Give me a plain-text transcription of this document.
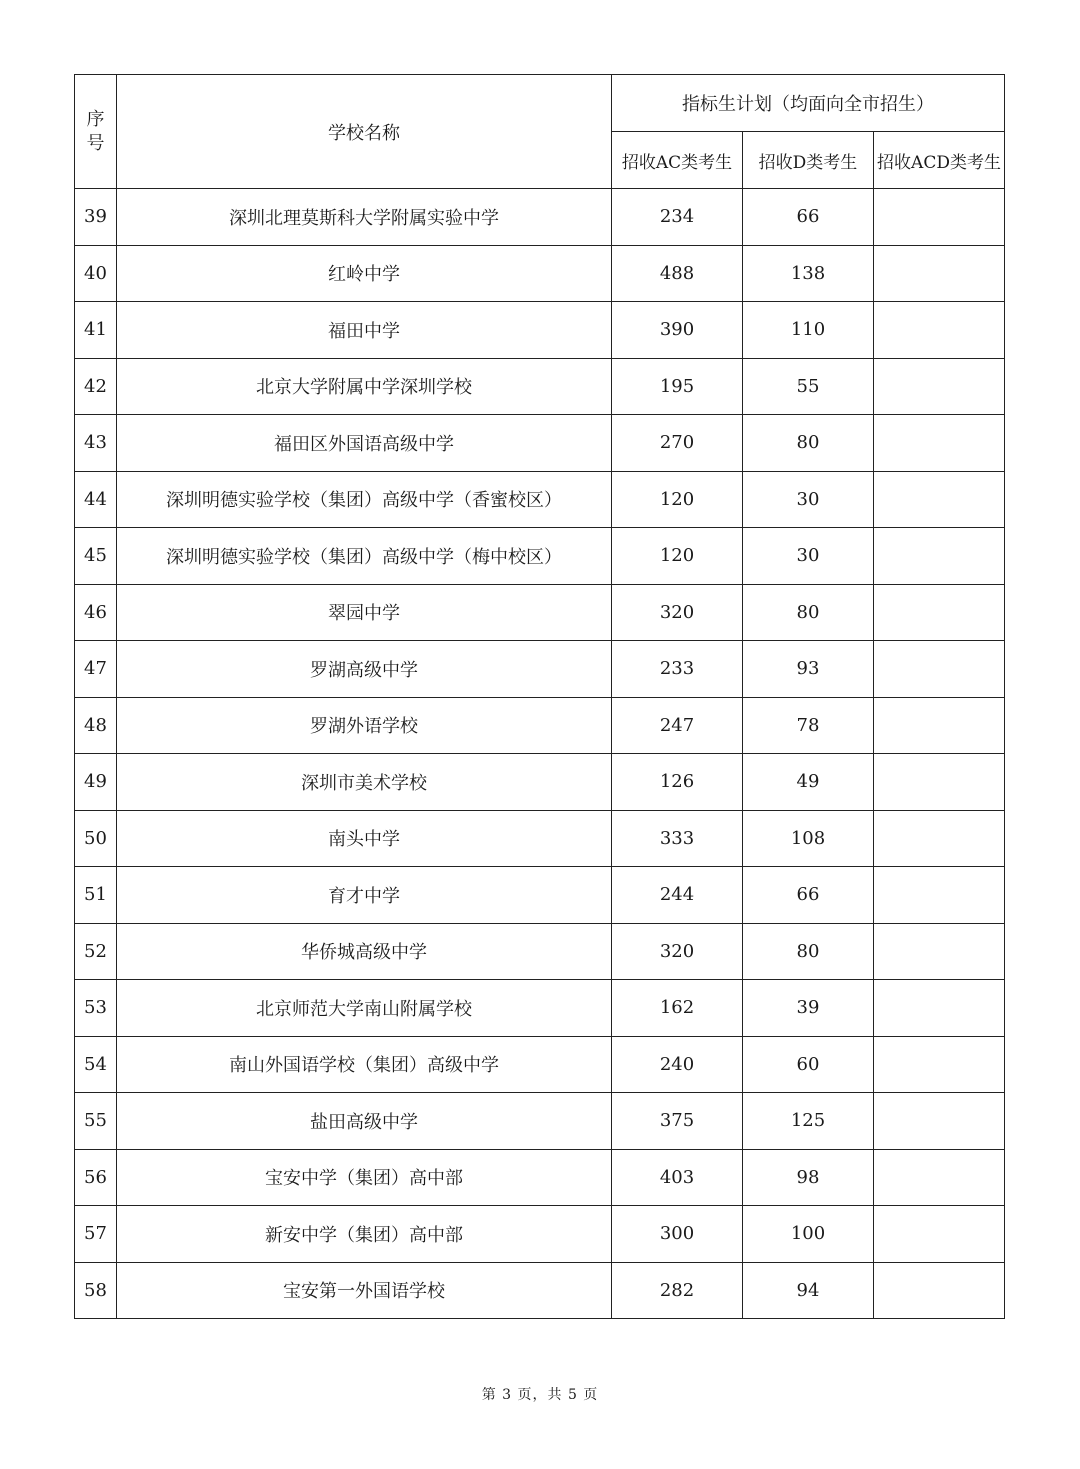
序
号	学校名称	指标生计划（均面向全市招生）		
		招收AC类考生	招收D类考生	招收ACD类考生
39	深圳北理莫斯科大学附属实验中学	234	66	
40	红岭中学	488	138	
41	福田中学	390	110	
42	北京大学附属中学深圳学校	195	55	
43	福田区外国语高级中学	270	80	
44	深圳明德实验学校（集团）高级中学（香蜜校区）	120	30	
45	深圳明德实验学校（集团）高级中学（梅中校区）	120	30	
46	翠园中学	320	80	
47	罗湖高级中学	233	93	
48	罗湖外语学校	247	78	
49	深圳市美术学校	126	49	
50	南头中学	333	108	
51	育才中学	244	66	
52	华侨城高级中学	320	80	
53	北京师范大学南山附属学校	162	39	
54	南山外国语学校（集团）高级中学	240	60	
55	盐田高级中学	375	125	
56	宝安中学（集团）高中部	403	98	
57	新安中学（集团）高中部	300	100	
58	宝安第一外国语学校	282	94	
第 3 页，共 5 页
